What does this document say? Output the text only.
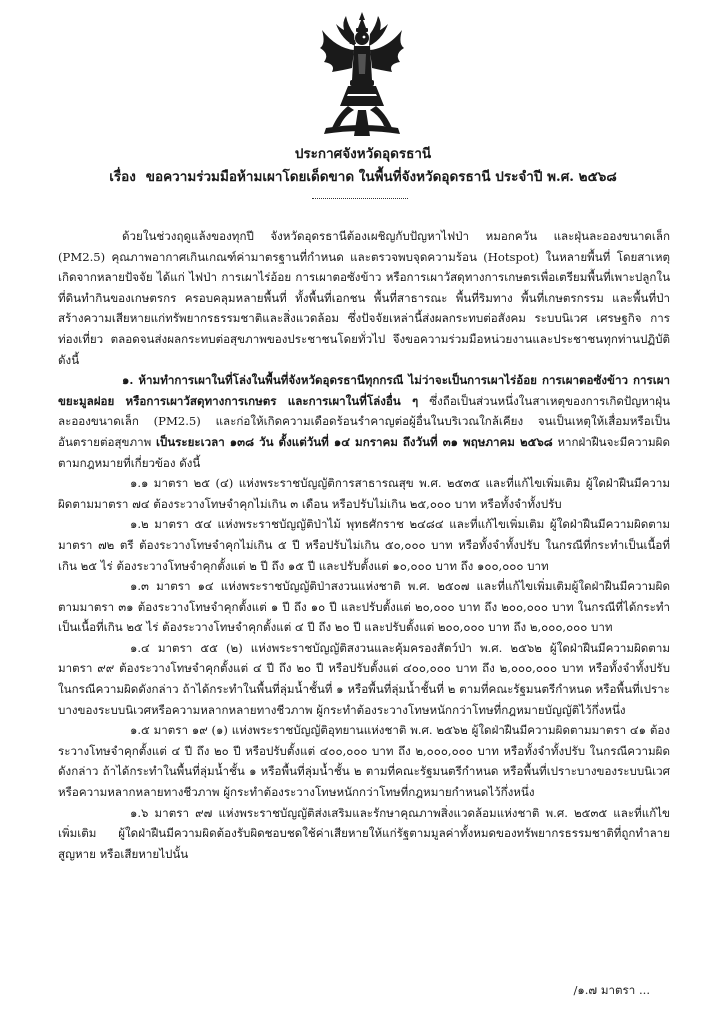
ประกาศจังหวัดอุดรธานี
เรื่อง ขอความร่วมมือห้ามเผาโดยเด็ดขาด ในพื้นที่จังหวัดอุดรธานี ประจำปี พ.ศ. ๒๕๖๘

ด้วยในช่วงฤดูแล้งของทุกปี จังหวัดอุดรธานีต้องเผชิญกับปัญหาไฟป่า หมอกควัน และฝุ่นละอองขนาดเล็ก (PM2.5) คุณภาพอากาศเกินเกณฑ์ค่ามาตรฐานที่กำหนด และตรวจพบจุดความร้อน (Hotspot) ในหลายพื้นที่ โดยสาเหตุเกิดจากหลายปัจจัย ได้แก่ ไฟป่า การเผาไร่อ้อย การเผาตอซังข้าว หรือการเผาวัสดุทางการเกษตรเพื่อเตรียมพื้นที่เพาะปลูกในที่ดินทำกินของเกษตรกร ครอบคลุมหลายพื้นที่ ทั้งพื้นที่เอกชน พื้นที่สาธารณะ พื้นที่ริมทาง พื้นที่เกษตรกรรม และพื้นที่ป่า สร้างความเสียหายแก่ทรัพยากรธรรมชาติและสิ่งแวดล้อม ซึ่งปัจจัยเหล่านี้ส่งผลกระทบต่อสังคม ระบบนิเวศ เศรษฐกิจ การท่องเที่ยว ตลอดจนส่งผลกระทบต่อสุขภาพของประชาชนโดยทั่วไป จึงขอความร่วมมือหน่วยงานและประชาชนทุกท่านปฏิบัติ ดังนี้

๑. ห้ามทำการเผาในที่โล่งในพื้นที่จังหวัดอุดรธานีทุกกรณี ไม่ว่าจะเป็นการเผาไร่อ้อย การเผาตอซังข้าว การเผาขยะมูลฝอย หรือการเผาวัสดุทางการเกษตร และการเผาในที่โล่งอื่น ๆ ซึ่งถือเป็นส่วนหนึ่งในสาเหตุของการเกิดปัญหาฝุ่นละอองขนาดเล็ก (PM2.5) และก่อให้เกิดความเดือดร้อนรำคาญต่อผู้อื่นในบริเวณใกล้เคียง จนเป็นเหตุให้เสื่อมหรือเป็นอันตรายต่อสุขภาพ เป็นระยะเวลา ๑๓๘ วัน ตั้งแต่วันที่ ๑๔ มกราคม ถึงวันที่ ๓๑ พฤษภาคม ๒๕๖๘ หากฝ่าฝืนจะมีความผิดตามกฎหมายที่เกี่ยวข้อง ดังนี้

๑.๑ มาตรา ๒๕ (๔) แห่งพระราชบัญญัติการสาธารณสุข พ.ศ. ๒๕๓๕ และที่แก้ไขเพิ่มเติม ผู้ใดฝ่าฝืนมีความผิดตามมาตรา ๗๔ ต้องระวางโทษจำคุกไม่เกิน ๓ เดือน หรือปรับไม่เกิน ๒๕,๐๐๐ บาท หรือทั้งจำทั้งปรับ

๑.๒ มาตรา ๕๔ แห่งพระราชบัญญัติป่าไม้ พุทธศักราช ๒๔๘๔ และที่แก้ไขเพิ่มเติม ผู้ใดฝ่าฝืนมีความผิดตามมาตรา ๗๒ ตรี ต้องระวางโทษจำคุกไม่เกิน ๕ ปี หรือปรับไม่เกิน ๕๐,๐๐๐ บาท หรือทั้งจำทั้งปรับ ในกรณีที่กระทำเป็นเนื้อที่เกิน ๒๕ ไร่ ต้องระวางโทษจำคุกตั้งแต่ ๒ ปี ถึง ๑๕ ปี และปรับตั้งแต่ ๑๐,๐๐๐ บาท ถึง ๑๐๐,๐๐๐ บาท

๑.๓ มาตรา ๑๔ แห่งพระราชบัญญัติป่าสงวนแห่งชาติ พ.ศ. ๒๕๐๗ และที่แก้ไขเพิ่มเติมผู้ใดฝ่าฝืนมีความผิดตามมาตรา ๓๑ ต้องระวางโทษจำคุกตั้งแต่ ๑ ปี ถึง ๑๐ ปี และปรับตั้งแต่ ๒๐,๐๐๐ บาท ถึง ๒๐๐,๐๐๐ บาท ในกรณีที่ได้กระทำเป็นเนื้อที่เกิน ๒๕ ไร่ ต้องระวางโทษจำคุกตั้งแต่ ๔ ปี ถึง ๒๐ ปี และปรับตั้งแต่ ๒๐๐,๐๐๐ บาท ถึง ๒,๐๐๐,๐๐๐ บาท

๑.๔ มาตรา ๕๕ (๒) แห่งพระราชบัญญัติสงวนและคุ้มครองสัตว์ป่า พ.ศ. ๒๕๖๒ ผู้ใดฝ่าฝืนมีความผิดตามมาตรา ๙๙ ต้องระวางโทษจำคุกตั้งแต่ ๔ ปี ถึง ๒๐ ปี หรือปรับตั้งแต่ ๔๐๐,๐๐๐ บาท ถึง ๒,๐๐๐,๐๐๐ บาท หรือทั้งจำทั้งปรับ ในกรณีความผิดดังกล่าว ถ้าได้กระทำในพื้นที่ลุ่มน้ำชั้นที่ ๑ หรือพื้นที่ลุ่มน้ำชั้นที่ ๒ ตามที่คณะรัฐมนตรีกำหนด หรือพื้นที่เปราะบางของระบบนิเวศหรือความหลากหลายทางชีวภาพ ผู้กระทำต้องระวางโทษหนักกว่าโทษที่กฎหมายบัญญัติไว้กึ่งหนึ่ง

๑.๕ มาตรา ๑๙ (๑) แห่งพระราชบัญญัติอุทยานแห่งชาติ พ.ศ. ๒๕๖๒ ผู้ใดฝ่าฝืนมีความผิดตามมาตรา ๔๑ ต้องระวางโทษจำคุกตั้งแต่ ๔ ปี ถึง ๒๐ ปี หรือปรับตั้งแต่ ๔๐๐,๐๐๐ บาท ถึง ๒,๐๐๐,๐๐๐ บาท หรือทั้งจำทั้งปรับ ในกรณีความผิดดังกล่าว ถ้าได้กระทำในพื้นที่ลุ่มน้ำชั้น ๑ หรือพื้นที่ลุ่มน้ำชั้น ๒ ตามที่คณะรัฐมนตรีกำหนด หรือพื้นที่เปราะบางของระบบนิเวศหรือความหลากหลายทางชีวภาพ ผู้กระทำต้องระวางโทษหนักกว่าโทษที่กฎหมายกำหนดไว้กึ่งหนึ่ง

๑.๖ มาตรา ๙๗ แห่งพระราชบัญญัติส่งเสริมและรักษาคุณภาพสิ่งแวดล้อมแห่งชาติ พ.ศ. ๒๕๓๕ และที่แก้ไขเพิ่มเติม ผู้ใดฝ่าฝืนมีความผิดต้องรับผิดชอบชดใช้ค่าเสียหายให้แก่รัฐตามมูลค่าทั้งหมดของทรัพยากรธรรมชาติที่ถูกทำลาย สูญหาย หรือเสียหายไปนั้น

/๑.๗ มาตรา ...
